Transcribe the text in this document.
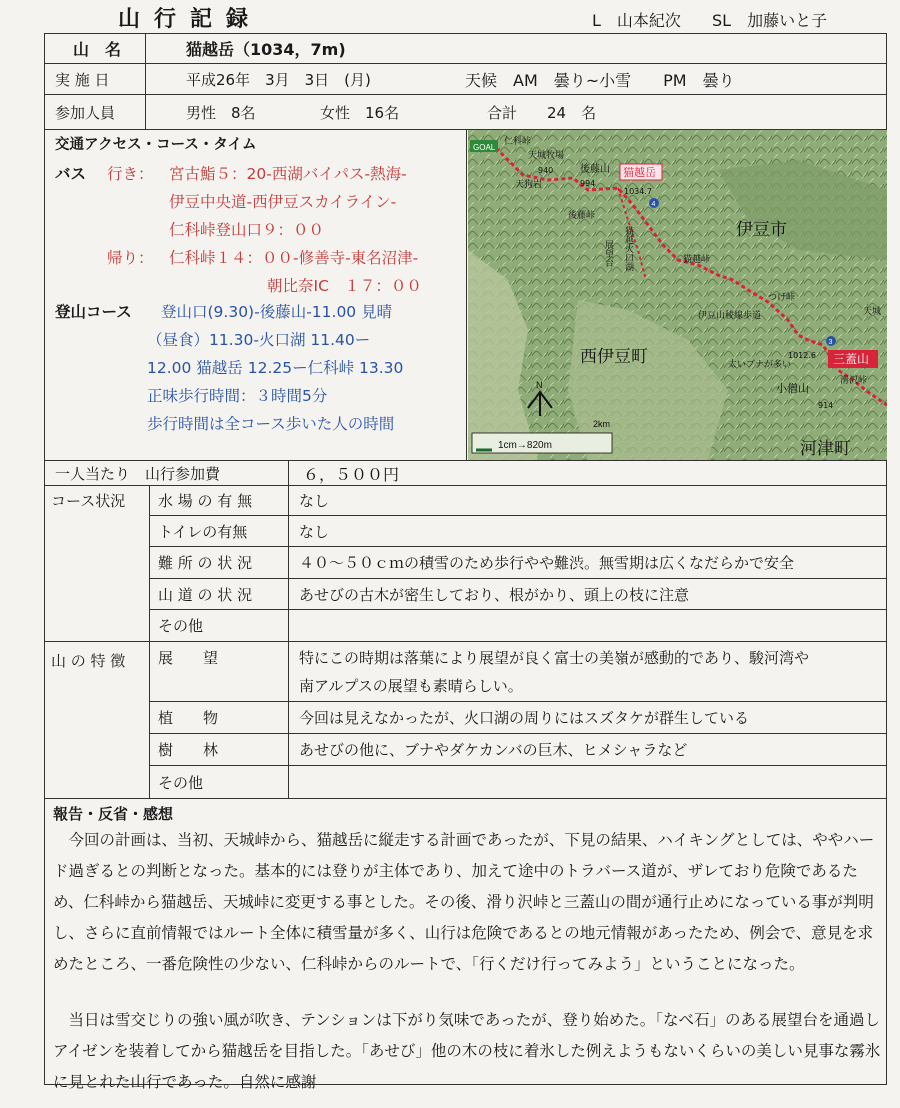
山行記録	L　山本紀次 SL　加藤いと子
山　名	猫越岳（1034，7m)
実 施 日	平成26年　3月　3日　(月)	天候　AM　曇り~小雪　　PM　曇り
参加人員	男性　8名	女性　16名	合計　　24　名
交通アクセス・コース・タイム
バス 行き： 宮古鮨５：20-西湖バイパス-熱海-
伊豆中央道-西伊豆スカイライン-
仁科峠登山口９：００
帰り： 仁科峠１４：００-修善寺-東名沼津-
朝比奈IC　１７：００
登山コース 登山口(9.30)-後藤山-11.00 見晴
（昼食）11.30-火口湖 11.40ー
12.00 猫越岳 12.25ー仁科峠 13.30
正味歩行時間：３時間5分
歩行時間は全コース歩いた人の時間
GOAL
仁科峠
天城牧場
後藤山
940
994
猫越岳
1034.7
4
天狗岩
後藤峠
展望台 猫越火口湖	猫越峠
伊豆市
つげ峠
天城
伊豆山稜線歩道
西伊豆町	1012.6
3
三蓋山
太いブナが多い
小僧山
滑沢峠
914
河津町
N
2km
1cm→820m
一人当たり　山行参加費	６，５００円
コース状況	水 場 の 有 無	なし
トイレの有無	なし
難 所 の 状 況	４０～５０ｃｍの積雪のため歩行やや難渋。無雪期は広くなだらかで安全
山 道 の 状 況	あせびの古木が密生しており、根がかり、頭上の枝に注意
その他
山 の 特 徴	展　　望	特にこの時期は落葉により展望が良く富士の美嶺が感動的であり、駿河湾や
南アルプスの展望も素晴らしい。
植　　物	今回は見えなかったが、火口湖の周りにはスズタケが群生している
樹　　林	あせびの他に、ブナやダケカンバの巨木、ヒメシャラなど
その他
報告・反省・感想
今回の計画は、当初、天城峠から、猫越岳に縦走する計画であったが、下見の結果、ハイキングとしては、ややハード過ぎるとの判断となった。基本的には登りが主体であり、加えて途中のトラバース道が、ザレており危険であるため、仁科峠から猫越岳、天城峠に変更する事とした。その後、滑り沢峠と三蓋山の間が通行止めになっている事が判明し、さらに直前情報ではルート全体に積雪量が多く、山行は危険であるとの地元情報があったため、例会で、意見を求めたところ、一番危険性の少ない、仁科峠からのルートで、「行くだけ行ってみよう」ということになった。
当日は雪交じりの強い風が吹き、テンションは下がり気味であったが、登り始めた。「なべ石」のある展望台を通過しアイゼンを装着してから猫越岳を目指した。「あせび」他の木の枝に着氷した例えようもないくらいの美しい見事な霧氷に見とれた山行であった。自然に感謝
